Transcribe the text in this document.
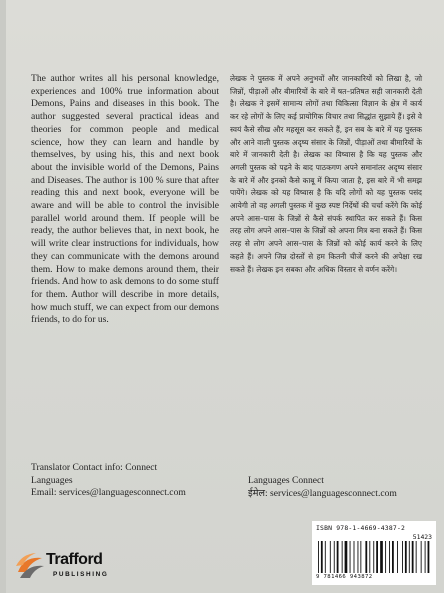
The author writes all his personal knowledge, experiences and 100% true information about Demons, Pains and diseases in this book. The author suggested several practical ideas and theories for common people and medical science, how they can learn and handle by themselves, by using his, this and next book about the invisible world of the Demons, Pains and Diseases. The author is 100 % sure that after reading this and next book, everyone will be aware and will be able to control the invisible parallel world around them. If people will be ready, the author believes that, in next book, he will write clear instructions for individuals, how they can communicate with the demons around them. How to make demons around them, their friends. And how to ask demons to do some stuff for them. Author will describe in more details, how much stuff, we can expect from our demons friends, to do for us.
लेखक ने पुस्तक में अपने अनुभवों और जानकारियों को लिखा है, जो जिन्नों, पीड़ाओं और बीमारियों के बारे में षत–प्रतिषत सही जानकारी देती है। लेखक ने इसमें सामान्य लोगों तथा चिकित्सा विज्ञान के क्षेत्र में कार्य कर रहे लोगों के लिए कई प्रायोगिक विचार तथा सिद्धांत सुझाये हैं। इसे वे स्वयं कैसे सीख और महसूस कर सकते हैं, इन सब के बारे में यह पुस्तक और आने वाली पुस्तक अदृष्य संसार के जिन्नों, पीड़ाओं तथा बीमारियों के बारे में जानकारी देती है। लेखक का विष्वास है कि यह पुस्तक और अगली पुस्तक को पढ़ने के बाद पाठकगण अपने समानांतर अदृष्य संसार के बारे में और इनको कैसे काबू में किया जाता है, इस बारे में भी समझ पायेंगे। लेखक को यह विष्वास है कि यदि लोगों को यह पुस्तक पसंद आयेगी तो वह अगली पुस्तक में कुछ स्पष्ट निर्देषों की चर्चा करेंगे कि कोई अपने आस–पास के जिन्नों से कैसे संपर्क स्थापित कर सकते हैं। किस तरह लोग अपने आस–पास के जिन्नों को अपना मित्र बना सकते हैं। किस तरह से लोग अपने आस–पास के जिन्नों को कोई कार्य करने के लिए कहते हैं। अपने जिन्न दोस्तों से हम कितनी चीजें करने की अपेक्षा रख सकते हैं। लेखक इन सबका और अधिक विस्तार से वर्णन करेंगे।
Translator Contact info: Connect
Languages
Email: services@languagesconnect.com
Languages Connect
ईमेल: services@languagesconnect.com
ISBN 978-1-4669-4387-2
51423
9 781466 943872
Trafford
PUBLISHING
